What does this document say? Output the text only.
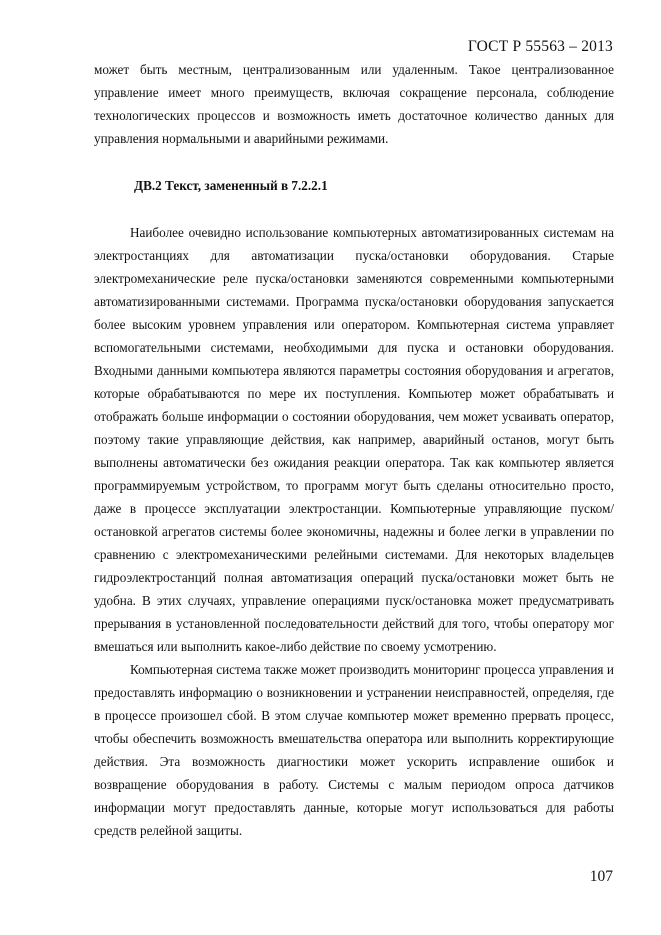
ГОСТ Р 55563 – 2013

может быть местным, централизованным или удаленным. Такое централизованное управление имеет много преимуществ, включая сокращение персонала, соблюдение технологических процессов и возможность иметь достаточное количество данных для управления нормальными и аварийными режимами.

ДВ.2 Текст, замененный в 7.2.2.1

Наиболее очевидно использование компьютерных автоматизированных системам на электростанциях для автоматизации пуска/остановки оборудования. Старые электромеханические реле пуска/остановки заменяются современными компьютерными автоматизированными системами. Программа пуска/остановки оборудования запускается более высоким уровнем управления или оператором. Компьютерная система управляет вспомогательными системами, необходимыми для пуска и остановки оборудования. Входными данными компьютера являются параметры состояния оборудования и агрегатов, которые обрабатываются по мере их поступления. Компьютер может обрабатывать и отображать больше информации о состоянии оборудования, чем может усваивать оператор, поэтому такие управляющие действия, как например, аварийный останов, могут быть выполнены автоматически без ожидания реакции оператора. Так как компьютер является программируемым устройством, то программ могут быть сделаны относительно просто, даже в процессе эксплуатации электростанции. Компьютерные управляющие пуском/остановкой агрегатов системы более экономичны, надежны и более легки в управлении по сравнению с электромеханическими релейными системами. Для некоторых владельцев гидроэлектростанций полная автоматизация операций пуска/остановки может быть не удобна. В этих случаях, управление операциями пуск/остановка может предусматривать прерывания в установленной последовательности действий для того, чтобы оператору мог вмешаться или выполнить какое-либо действие по своему усмотрению.

Компьютерная система также может производить мониторинг процесса управления и предоставлять информацию о возникновении и устранении неисправностей, определяя, где в процессе произошел сбой. В этом случае компьютер может временно прервать процесс, чтобы обеспечить возможность вмешательства оператора или выполнить корректирующие действия. Эта возможность диагностики может ускорить исправление ошибок и возвращение оборудования в работу. Системы с малым периодом опроса датчиков информации могут предоставлять данные, которые могут использоваться для работы средств релейной защиты.

107
